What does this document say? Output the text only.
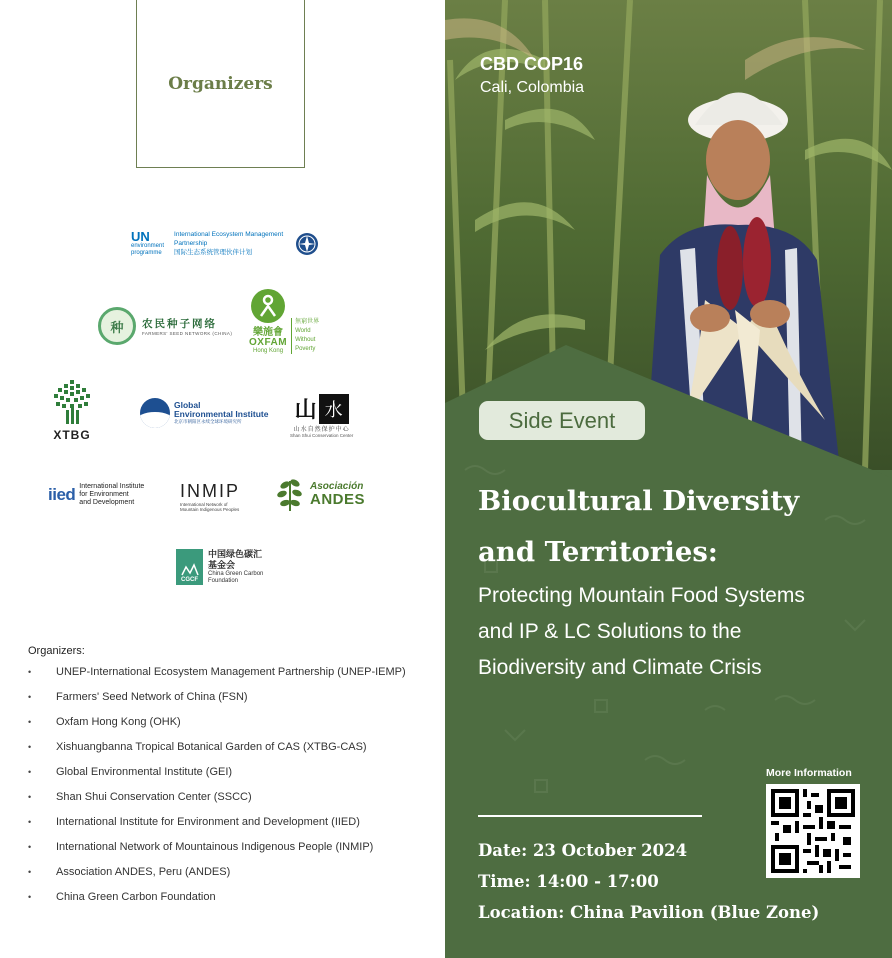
Organizers
UN
environment
programme
International Ecosystem Management Partnership
国际生态系统管理伙伴计划
种	农民种子网络
FARMERS' SEED NETWORK (CHINA) 樂施會
OXFAM
Hong Kong
無窮世界
World
Without
Poverty
XTBG
Global
Environmental Institute
北京市朝阳区永续全球环境研究所	山 水
山水自然保护中心
Shan Shui Conservation Center
iied International Institute
for Environment
and Development
INMIP
International Network of
Mountain Indigenous Peoples
Asociación
ANDES
CGCF
中国绿色碳汇
基金会
China Green Carbon
Foundation
Organizers:
• UNEP-International Ecosystem Management Partnership (UNEP-IEMP)
• Farmers' Seed Network of China (FSN)
• Oxfam Hong Kong (OHK)
• Xishuangbanna Tropical Botanical Garden of CAS (XTBG-CAS)
• Global Environmental Institute (GEI)
• Shan Shui Conservation Center (SSCC)
• International Institute for Environment and Development (IIED)
• International Network of Mountainous Indigenous People (INMIP)
• Association ANDES, Peru (ANDES)
• China Green Carbon Foundation
CBD COP16
Cali, Colombia
Side Event
Biocultural Diversity
and Territories:
Protecting Mountain Food Systems
and IP & LC Solutions to the
Biodiversity and Climate Crisis
More Information
Date: 23 October 2024
Time: 14:00 - 17:00
Location: China Pavilion (Blue Zone)
